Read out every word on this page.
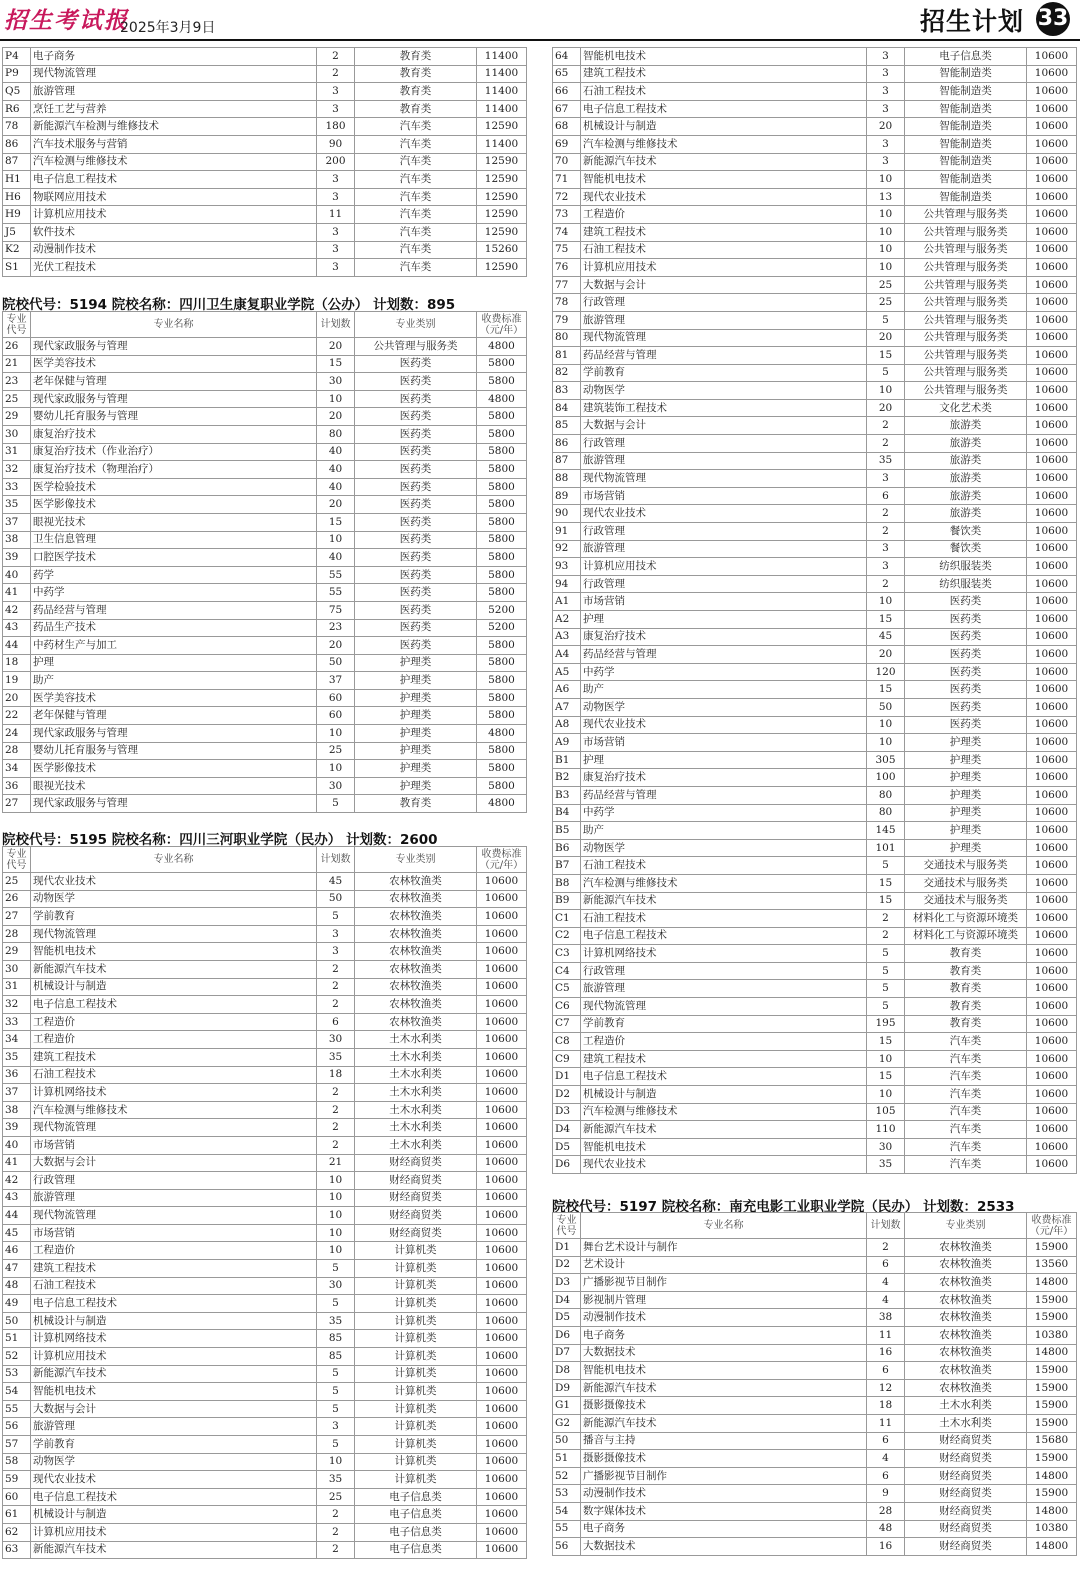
招生考试报
2025年3月9日	招生计划 33
P4	电子商务	2	教育类	11400
P9	现代物流管理	2	教育类	11400
Q5	旅游管理	3	教育类	11400
R6	烹饪工艺与营养	3	教育类	11400
78	新能源汽车检测与维修技术	180	汽车类	12590
86	汽车技术服务与营销	90	汽车类	11400
87	汽车检测与维修技术	200	汽车类	12590
H1	电子信息工程技术	3	汽车类	12590
H6	物联网应用技术	3	汽车类	12590
H9	计算机应用技术	11	汽车类	12590
J5	软件技术	3	汽车类	12590
K2	动漫制作技术	3	汽车类	15260
S1	光伏工程技术	3	汽车类	12590
院校代号：5194 院校名称：四川卫生康复职业学院（公办） 计划数：895
专业代号	专业名称	计划数	专业类别	收费标准（元/年）
26	现代家政服务与管理	20	公共管理与服务类	4800
21	医学美容技术	15	医药类	5800
23	老年保健与管理	30	医药类	5800
25	现代家政服务与管理	10	医药类	4800
29	婴幼儿托育服务与管理	20	医药类	5800
30	康复治疗技术	80	医药类	5800
31	康复治疗技术（作业治疗）	40	医药类	5800
32	康复治疗技术（物理治疗）	40	医药类	5800
33	医学检验技术	40	医药类	5800
35	医学影像技术	20	医药类	5800
37	眼视光技术	15	医药类	5800
38	卫生信息管理	10	医药类	5800
39	口腔医学技术	40	医药类	5800
40	药学	55	医药类	5800
41	中药学	55	医药类	5800
42	药品经营与管理	75	医药类	5200
43	药品生产技术	23	医药类	5200
44	中药材生产与加工	20	医药类	5800
18	护理	50	护理类	5800
19	助产	37	护理类	5800
20	医学美容技术	60	护理类	5800
22	老年保健与管理	60	护理类	5800
24	现代家政服务与管理	10	护理类	4800
28	婴幼儿托育服务与管理	25	护理类	5800
34	医学影像技术	10	护理类	5800
36	眼视光技术	30	护理类	5800
27	现代家政服务与管理	5	教育类	4800
院校代号：5195 院校名称：四川三河职业学院（民办） 计划数：2600
专业代号	专业名称	计划数	专业类别	收费标准（元/年）
25	现代农业技术	45	农林牧渔类	10600
26	动物医学	50	农林牧渔类	10600
27	学前教育	5	农林牧渔类	10600
28	现代物流管理	3	农林牧渔类	10600
29	智能机电技术	3	农林牧渔类	10600
30	新能源汽车技术	2	农林牧渔类	10600
31	机械设计与制造	2	农林牧渔类	10600
32	电子信息工程技术	2	农林牧渔类	10600
33	工程造价	6	农林牧渔类	10600
34	工程造价	30	土木水利类	10600
35	建筑工程技术	35	土木水利类	10600
36	石油工程技术	18	土木水利类	10600
37	计算机网络技术	2	土木水利类	10600
38	汽车检测与维修技术	2	土木水利类	10600
39	现代物流管理	2	土木水利类	10600
40	市场营销	2	土木水利类	10600
41	大数据与会计	21	财经商贸类	10600
42	行政管理	10	财经商贸类	10600
43	旅游管理	10	财经商贸类	10600
44	现代物流管理	10	财经商贸类	10600
45	市场营销	10	财经商贸类	10600
46	工程造价	10	计算机类	10600
47	建筑工程技术	5	计算机类	10600
48	石油工程技术	30	计算机类	10600
49	电子信息工程技术	5	计算机类	10600
50	机械设计与制造	35	计算机类	10600
51	计算机网络技术	85	计算机类	10600
52	计算机应用技术	85	计算机类	10600
53	新能源汽车技术	5	计算机类	10600
54	智能机电技术	5	计算机类	10600
55	大数据与会计	5	计算机类	10600
56	旅游管理	3	计算机类	10600
57	学前教育	5	计算机类	10600
58	动物医学	10	计算机类	10600
59	现代农业技术	35	计算机类	10600
60	电子信息工程技术	25	电子信息类	10600
61	机械设计与制造	2	电子信息类	10600
62	计算机应用技术	2	电子信息类	10600
63	新能源汽车技术	2	电子信息类	10600
64	智能机电技术	3	电子信息类	10600
65	建筑工程技术	3	智能制造类	10600
66	石油工程技术	3	智能制造类	10600
67	电子信息工程技术	3	智能制造类	10600
68	机械设计与制造	20	智能制造类	10600
69	汽车检测与维修技术	3	智能制造类	10600
70	新能源汽车技术	3	智能制造类	10600
71	智能机电技术	10	智能制造类	10600
72	现代农业技术	13	智能制造类	10600
73	工程造价	10	公共管理与服务类	10600
74	建筑工程技术	10	公共管理与服务类	10600
75	石油工程技术	10	公共管理与服务类	10600
76	计算机应用技术	10	公共管理与服务类	10600
77	大数据与会计	25	公共管理与服务类	10600
78	行政管理	25	公共管理与服务类	10600
79	旅游管理	5	公共管理与服务类	10600
80	现代物流管理	20	公共管理与服务类	10600
81	药品经营与管理	15	公共管理与服务类	10600
82	学前教育	5	公共管理与服务类	10600
83	动物医学	10	公共管理与服务类	10600
84	建筑装饰工程技术	20	文化艺术类	10600
85	大数据与会计	2	旅游类	10600
86	行政管理	2	旅游类	10600
87	旅游管理	35	旅游类	10600
88	现代物流管理	3	旅游类	10600
89	市场营销	6	旅游类	10600
90	现代农业技术	2	旅游类	10600
91	行政管理	2	餐饮类	10600
92	旅游管理	3	餐饮类	10600
93	计算机应用技术	3	纺织服装类	10600
94	行政管理	2	纺织服装类	10600
A1	市场营销	10	医药类	10600
A2	护理	15	医药类	10600
A3	康复治疗技术	45	医药类	10600
A4	药品经营与管理	20	医药类	10600
A5	中药学	120	医药类	10600
A6	助产	15	医药类	10600
A7	动物医学	50	医药类	10600
A8	现代农业技术	10	医药类	10600
A9	市场营销	10	护理类	10600
B1	护理	305	护理类	10600
B2	康复治疗技术	100	护理类	10600
B3	药品经营与管理	80	护理类	10600
B4	中药学	80	护理类	10600
B5	助产	145	护理类	10600
B6	动物医学	101	护理类	10600
B7	石油工程技术	5	交通技术与服务类	10600
B8	汽车检测与维修技术	15	交通技术与服务类	10600
B9	新能源汽车技术	15	交通技术与服务类	10600
C1	石油工程技术	2	材料化工与资源环境类	10600
C2	电子信息工程技术	2	材料化工与资源环境类	10600
C3	计算机网络技术	5	教育类	10600
C4	行政管理	5	教育类	10600
C5	旅游管理	5	教育类	10600
C6	现代物流管理	5	教育类	10600
C7	学前教育	195	教育类	10600
C8	工程造价	15	汽车类	10600
C9	建筑工程技术	10	汽车类	10600
D1	电子信息工程技术	15	汽车类	10600
D2	机械设计与制造	10	汽车类	10600
D3	汽车检测与维修技术	105	汽车类	10600
D4	新能源汽车技术	110	汽车类	10600
D5	智能机电技术	30	汽车类	10600
D6	现代农业技术	35	汽车类	10600
院校代号：5197 院校名称：南充电影工业职业学院（民办） 计划数：2533
专业代号	专业名称	计划数	专业类别	收费标准（元/年）
D1	舞台艺术设计与制作	2	农林牧渔类	15900
D2	艺术设计	6	农林牧渔类	13560
D3	广播影视节目制作	4	农林牧渔类	14800
D4	影视制片管理	4	农林牧渔类	15900
D5	动漫制作技术	38	农林牧渔类	15900
D6	电子商务	11	农林牧渔类	10380
D7	大数据技术	16	农林牧渔类	14800
D8	智能机电技术	6	农林牧渔类	15900
D9	新能源汽车技术	12	农林牧渔类	15900
G1	摄影摄像技术	18	土木水利类	15900
G2	新能源汽车技术	11	土木水利类	15900
50	播音与主持	6	财经商贸类	15680
51	摄影摄像技术	4	财经商贸类	15900
52	广播影视节目制作	6	财经商贸类	14800
53	动漫制作技术	9	财经商贸类	15900
54	数字媒体技术	28	财经商贸类	14800
55	电子商务	48	财经商贸类	10380
56	大数据技术	16	财经商贸类	14800
